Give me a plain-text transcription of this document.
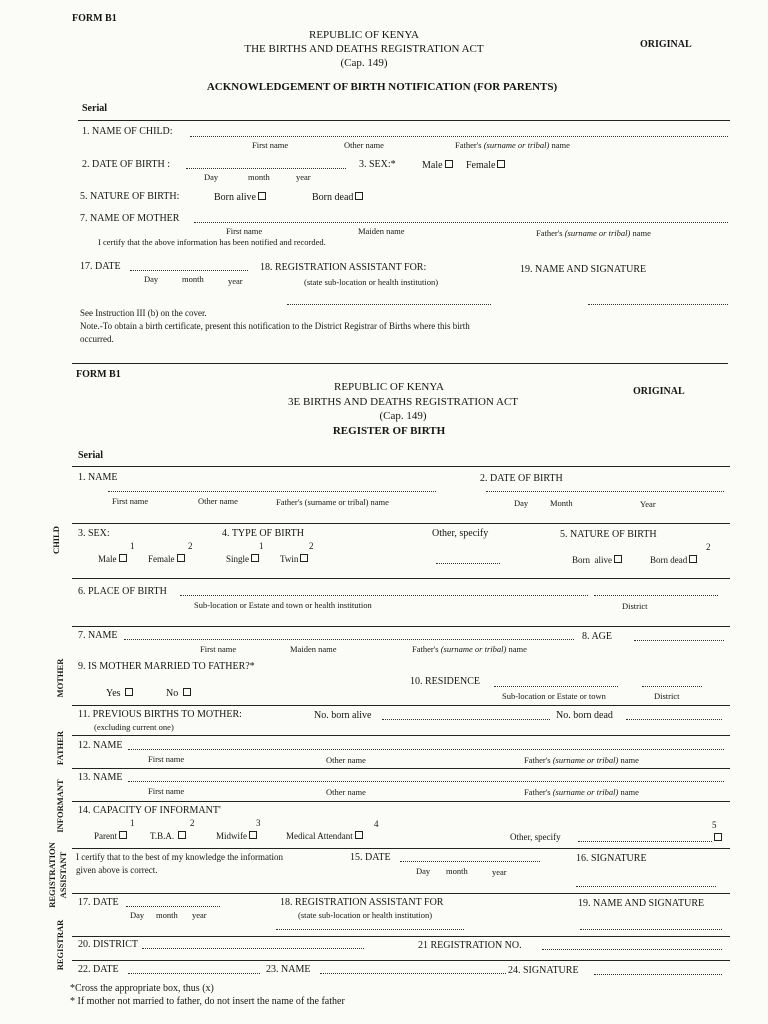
FORM B1
REPUBLIC OF KENYA
THE BIRTHS AND DEATHS REGISTRATION ACT
(Cap. 149)
ORIGINAL
ACKNOWLEDGEMENT OF BIRTH NOTIFICATION (FOR PARENTS)
Serial
1. NAME OF CHILD:
First name	Other name	Father's (surname or tribal) name
2. DATE OF BIRTH :
Day	month	year
3. SEX:*	Male	Female
5. NATURE OF BIRTH:	Born alive	Born dead
7. NAME OF MOTHER
First name	Maiden name	Father's (surname or tribal) name
I certify that the above information has been notified and recorded.
17. DATE
Day	month	year
18. REGISTRATION ASSISTANT FOR:
(state sub-location or health institution)
19. NAME AND SIGNATURE
See Instruction III (b) on the cover.
Note.-To obtain a birth certificate, present this notification to the District Registrar of Births where this birth
occurred.
FORM B1
REPUBLIC OF KENYA
3E BIRTHS AND DEATHS REGISTRATION ACT
(Cap. 149)
REGISTER OF BIRTH
ORIGINAL
Serial
CHILD
MOTHER
FATHER
INFORMANT
REGISTRATION ASSISTANT
REGISTRAR
1. NAME
First name	Other name	Father's (surname or tribal) name
2. DATE OF BIRTH
Day	Month	Year
3. SEX:
1	2
Male	Female
4. TYPE OF BIRTH
1	2
Single	Twin
Other, specify	5. NATURE OF BIRTH
2
Born alive	Born dead
6. PLACE OF BIRTH
Sub-location or Estate and town or health institution	District
7. NAME	8. AGE
First name	Maiden name	Father's (surname or tribal) name
9. IS MOTHER MARRIED TO FATHER?*
Yes	No
10. RESIDENCE
Sub-location or Estate or town	District
11. PREVIOUS BIRTHS TO MOTHER:
(excluding current one)
No. born alive	No. born dead
12. NAME
First name	Other name	Father's (surname or tribal) name
13. NAME
First name	Other name	Father's (surname or tribal) name
14. CAPACITY OF INFORMANT'
1	2	3	4	5
Parent	T.B.A.	Midwife	Medical Attendant	Other, specify
I certify that to the best of my knowledge the information
given above is correct.
15. DATE
Day month	year
16. SIGNATURE
17. DATE
Day month year
18. REGISTRATION ASSISTANT FOR
(state sub-location or health institution)
19. NAME AND SIGNATURE
20. DISTRICT	21 REGISTRATION NO.
22. DATE	23. NAME	24. SIGNATURE
*Cross the appropriate box, thus (x)
* If mother not married to father, do not insert the name of the father
